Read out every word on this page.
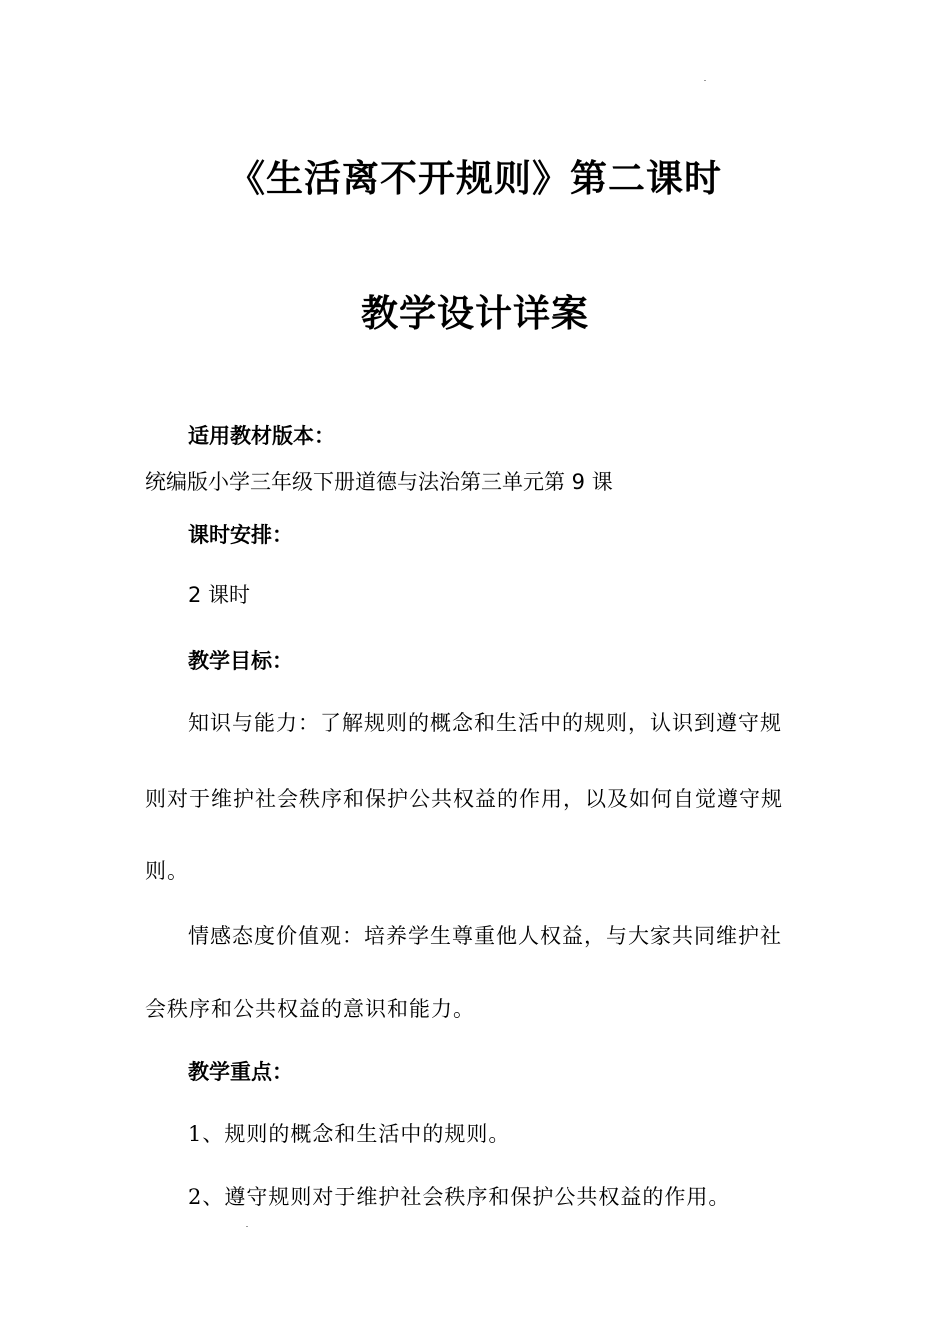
《生活离不开规则》第二课时
教学设计详案
适用教材版本：
统编版小学三年级下册道德与法治第三单元第 9 课
课时安排：
2 课时
教学目标：
知识与能力：了解规则的概念和生活中的规则，认识到遵守规
则对于维护社会秩序和保护公共权益的作用，以及如何自觉遵守规
则。
情感态度价值观：培养学生尊重他人权益，与大家共同维护社
会秩序和公共权益的意识和能力。
教学重点：
1、规则的概念和生活中的规则。
2、遵守规则对于维护社会秩序和保护公共权益的作用。
